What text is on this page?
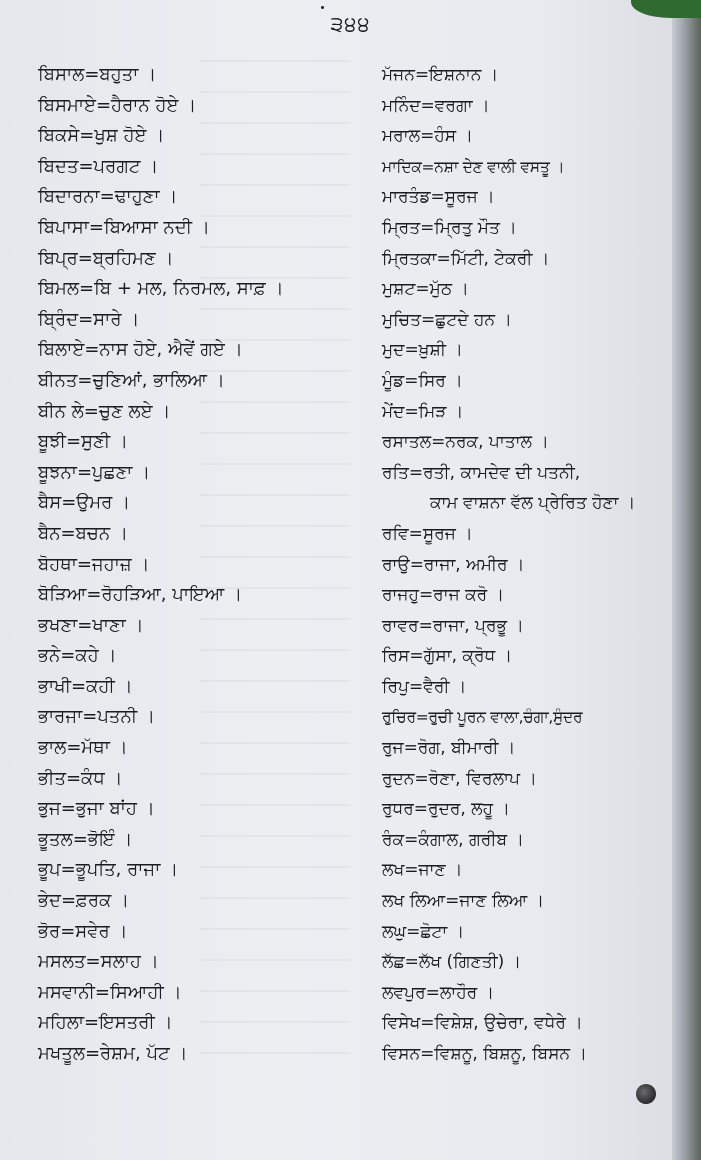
੩੪੪
ਬਿਸਾਲ=ਬਹੁਤਾ ।
ਬਿਸਮਾਏ=ਹੈਰਾਨ ਹੋਏ ।
ਬਿਕਸੇ=ਖੁਸ਼ ਹੋਏ ।
ਬਿਦਤ=ਪਰਗਟ ।
ਬਿਦਾਰਨਾ=ਢਾਹੁਣਾ ।
ਬਿਪਾਸਾ=ਬਿਆਸਾ ਨਦੀ ।
ਬਿਪ੍ਰ=ਬ੍ਰਹਿਮਣ ।
ਬਿਮਲ=ਬਿ + ਮਲ, ਨਿਰਮਲ, ਸਾਫ਼ ।
ਬ੍ਰਿੰਦ=ਸਾਰੇ ।
ਬਿਲਾਏ=ਨਾਸ ਹੋਏ, ਐਵੇਂ ਗਏ ।
ਬੀਨਤ=ਚੁਣਿਆਂ, ਭਾਲਿਆ ।
ਬੀਨ ਲੇ=ਚੁਣ ਲਏ ।
ਬੂਝੀ=ਸੁਣੀ ।
ਬੂਝਨਾ=ਪੁਛਣਾ ।
ਬੈਸ=ਉਮਰ ।
ਬੈਨ=ਬਚਨ ।
ਬੋਹਥਾ=ਜਹਾਜ਼ ।
ਬੋੜਿਆ=ਰੋਹੜਿਆ, ਪਾਇਆ ।
ਭਖਣਾ=ਖਾਣਾ ।
ਭਨੇ=ਕਹੇ ।
ਭਾਖੀ=ਕਹੀ ।
ਭਾਰਜਾ=ਪਤਨੀ ।
ਭਾਲ=ਮੱਥਾ ।
ਭੀਤ=ਕੰਧ ।
ਭੁਜ=ਭੁਜਾ ਬਾਂਹ ।
ਭੂਤਲ=ਭੋਇੰ ।
ਭੂਪ=ਭੂਪਤਿ, ਰਾਜਾ ।
ਭੇਦ=ਫ਼ਰਕ ।
ਭੋਰ=ਸਵੇਰ ।
ਮਸਲਤ=ਸਲਾਹ ।
ਮਸਵਾਨੀ=ਸਿਆਹੀ ।
ਮਹਿਲਾ=ਇਸਤਰੀ ।
ਮਖਤੂਲ=ਰੇਸ਼ਮ, ਪੱਟ ।
ਮੱਜਨ=ਇਸ਼ਨਾਨ ।
ਮਨਿੰਦ=ਵਰਗਾ ।
ਮਰਾਲ=ਹੰਸ ।
ਮਾਦਿਕ=ਨਸ਼ਾ ਦੇਣ ਵਾਲੀ ਵਸਤੂ ।
ਮਾਰਤੰਡ=ਸੂਰਜ ।
ਮ੍ਰਿਤ=ਮ੍ਰਿਤੁ ਮੌਤ ।
ਮ੍ਰਿਤਕਾ=ਮਿੱਟੀ, ਟੇਕਰੀ ।
ਮੁਸ਼ਟ=ਮੁੱਠ ।
ਮੁਚਿਤ=ਛੁਟਦੇ ਹਨ ।
ਮੁਦ=ਖ਼ੁਸ਼ੀ ।
ਮੂੰਡ=ਸਿਰ ।
ਮੇਂਦ=ਮਿੜ ।
ਰਸਾਤਲ=ਨਰਕ, ਪਾਤਾਲ ।
ਰਤਿ=ਰਤੀ, ਕਾਮਦੇਵ ਦੀ ਪਤਨੀ,
ਕਾਮ ਵਾਸ਼ਨਾ ਵੱਲ ਪ੍ਰੇਰਿਤ ਹੋਣਾ ।
ਰਵਿ=ਸੂਰਜ ।
ਰਾਉ=ਰਾਜਾ, ਅਮੀਰ ।
ਰਾਜਹੁ=ਰਾਜ ਕਰੋ ।
ਰਾਵਰ=ਰਾਜਾ, ਪ੍ਰਭੂ ।
ਰਿਸ=ਗੁੱਸਾ, ਕ੍ਰੋਧ ।
ਰਿਪੁ=ਵੈਰੀ ।
ਰੁਚਿਰ=ਰੁਚੀ ਪੂਰਨ ਵਾਲਾ,ਚੰਗਾ,ਸੁੰਦਰ
ਰੁਜ=ਰੋਗ, ਬੀਮਾਰੀ ।
ਰੁਦਨ=ਰੋਣਾ, ਵਿਰਲਾਪ ।
ਰੁਧਰ=ਰੁਦਰ, ਲਹੂ ।
ਰੰਕ=ਕੰਗਾਲ, ਗਰੀਬ ।
ਲਖ=ਜਾਣ ।
ਲਖ ਲਿਆ=ਜਾਣ ਲਿਆ ।
ਲਘੁ=ਛੋਟਾ ।
ਲੱਛ=ਲੱਖ (ਗਿਣਤੀ) ।
ਲਵਪੁਰ=ਲਾਹੌਰ ।
ਵਿਸੇਖ=ਵਿਸ਼ੇਸ਼, ਉਚੇਰਾ, ਵਧੇਰੇ ।
ਵਿਸਨ=ਵਿਸ਼ਨੂ, ਬਿਸ਼ਨੂ, ਬਿਸਨ ।
